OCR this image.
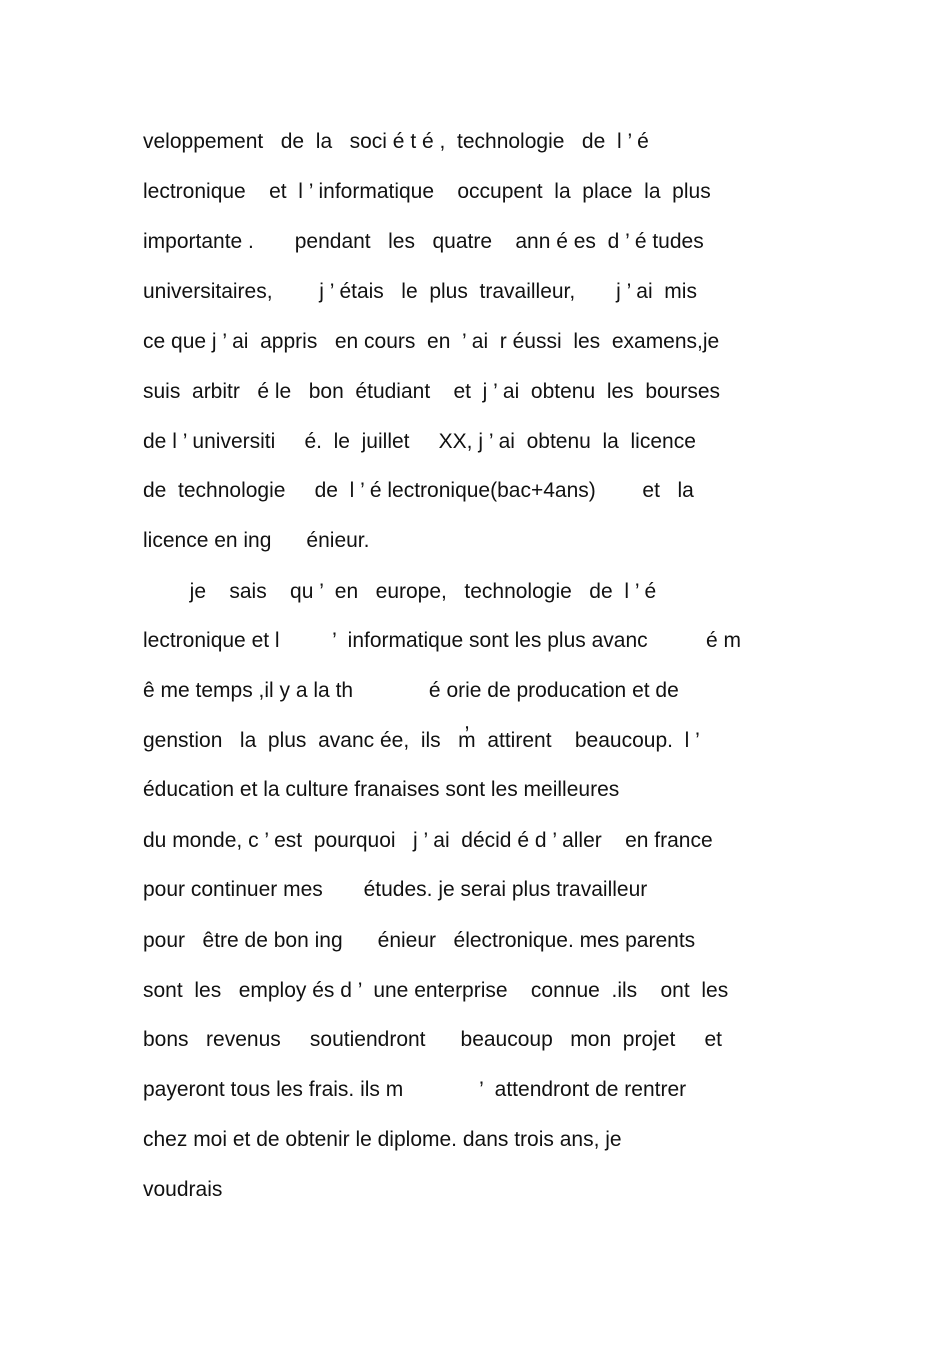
veloppement   de  la   soci é t é ,  technologie   de  l ’ é
lectronique    et  l ’ informatique    occupent  la  place  la  plus
importante .       pendant   les   quatre    ann é es  d ’ é tudes
universitaires,        j ’ étais   le  plus  travailleur,       j ’ ai  mis
ce que j ’ ai  appris   en cours  en  ’ ai  r éussi  les  examens,je
suis  arbitr   é le   bon  étudiant    et  j ’ ai  obtenu  les  bourses
de l ’ universiti     é.  le  juillet     XX, j ’ ai  obtenu  la  licence
de  technologie     de  l ’ é lectronique(bac+4ans)        et   la
licence en ing      énieur.
je    sais    qu ’  en   europe,   technologie   de  l ’ é
lectronique et l         ’  informatique sont les plus avanc          é m
ê me temps ,il y a la th             é orie de producation et de
genstion   la  plus  avanc ée,  ils   m̓  attirent    beaucoup.  l ’
éducation et la culture franaises sont les meilleures
du monde, c ’ est  pourquoi   j ’ ai  décid é d ’ aller    en france
pour continuer mes       études. je serai plus travailleur
pour   être de bon ing      énieur   électronique. mes parents
sont  les   employ és d ’  une enterprise    connue  .ils    ont  les
bons   revenus     soutiendront      beaucoup   mon  projet     et
payeront tous les frais. ils m             ’  attendront de rentrer
chez moi et de obtenir le diplome. dans trois ans, je
voudrais
